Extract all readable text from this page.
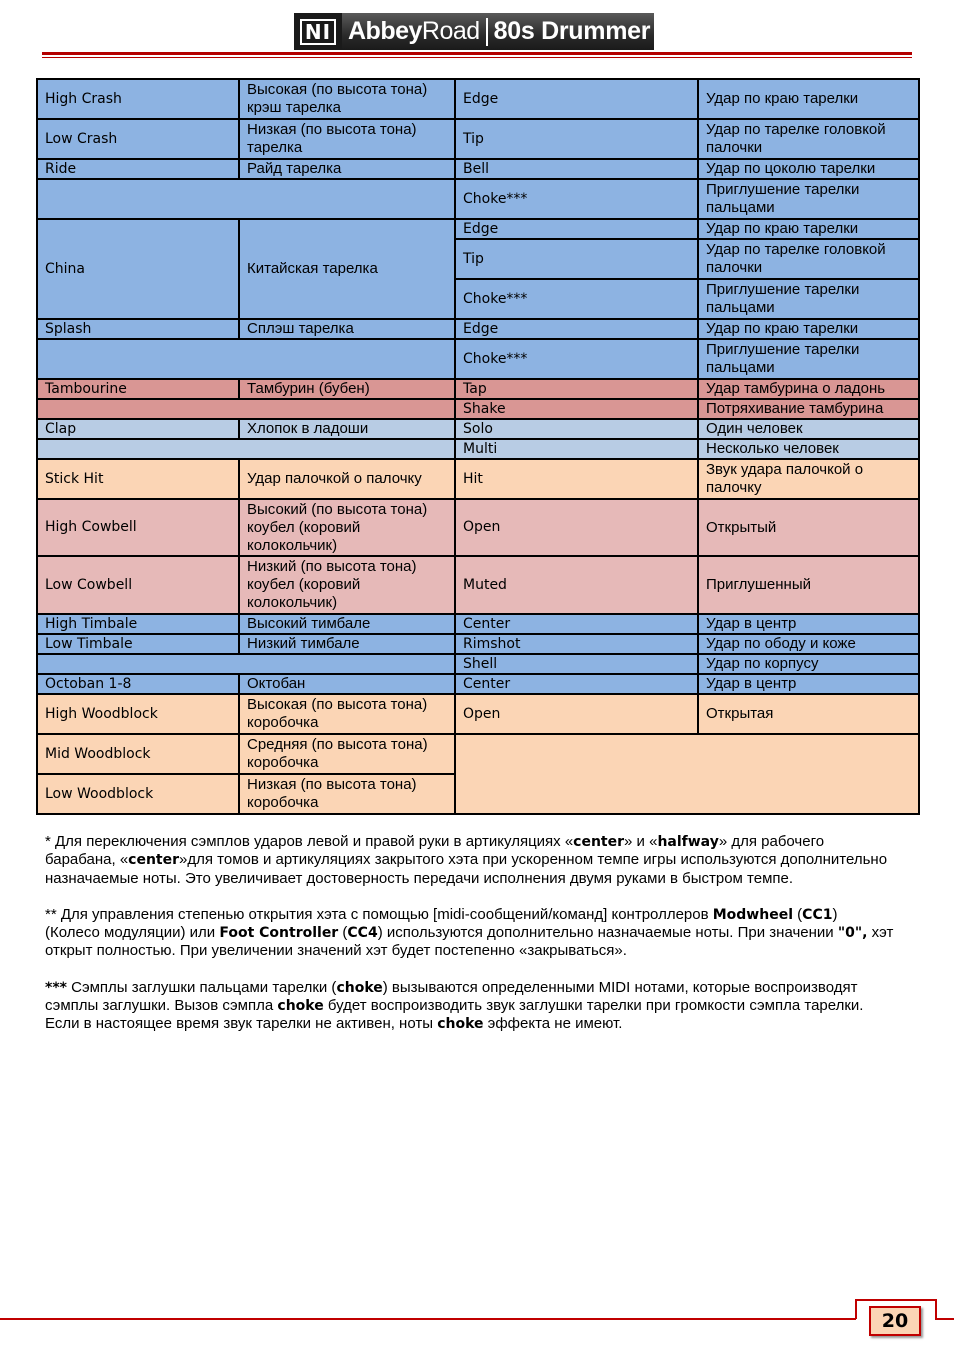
NI Abbey Road 80s Drummer
High Crash	Высокая (по высота тона) крэш тарелка	Edge	Удар по краю тарелки
Low Crash	Низкая (по высота тона) тарелка	Tip	Удар по тарелке головкой палочки
Ride	Райд тарелка	Bell	Удар по цоколю тарелки
		Choke***	Приглушение тарелки пальцами
China	Китайская тарелка	Edge	Удар по краю тарелки
		Tip	Удар по тарелке головкой палочки
		Choke***	Приглушение тарелки пальцами
Splash	Сплэш тарелка	Edge	Удар по краю тарелки
		Choke***	Приглушение тарелки пальцами
Tambourine	Тамбурин (бубен)	Tap	Удар тамбурина о ладонь
		Shake	Потряхивание тамбурина
Clap	Хлопок в ладоши	Solo	Один человек
		Multi	Несколько человек
Stick Hit	Удар палочкой о палочку	Hit	Звук удара палочкой о палочку
High Cowbell	Высокий (по высота тона) коубел (коровий колокольчик)	Open	Открытый
Low Cowbell	Низкий (по высота тона) коубел (коровий колокольчик)	Muted	Приглушенный
High Timbale	Высокий тимбале	Center	Удар в центр
Low Timbale	Низкий тимбале	Rimshot	Удар по ободу и коже
		Shell	Удар по корпусу
Octoban 1-8	Октобан	Center	Удар в центр
High Woodblock	Высокая (по высота тона) коробочка	Open	Открытая
Mid Woodblock	Средняя (по высота тона) коробочка		
Low Woodblock	Низкая (по высота тона) коробочка		

* Для переключения сэмплов ударов левой и правой руки в артикуляциях «center» и «halfway» для рабочего барабана, «center»для томов и артикуляциях закрытого хэта при ускоренном темпе игры используются дополнительно назначаемые ноты. Это увеличивает достоверность передачи исполнения двумя руками в быстром темпе.

** Для управления степенью открытия хэта с помощью [midi-сообщений/команд] контроллеров Modwheel (CC1) (Колесо модуляции) или Foot Controller (CC4) используются дополнительно назначаемые ноты. При значении "0", хэт открыт полностью. При увеличении значений хэт будет постепенно «закрываться».

*** Сэмплы заглушки пальцами тарелки (choke) вызываются определенными MIDI нотами, которые воспроизводят сэмплы заглушки. Вызов сэмпла choke будет воспроизводить звук заглушки тарелки при громкости сэмпла тарелки. Если в настоящее время звук тарелки не активен, ноты choke эффекта не имеют.

20
